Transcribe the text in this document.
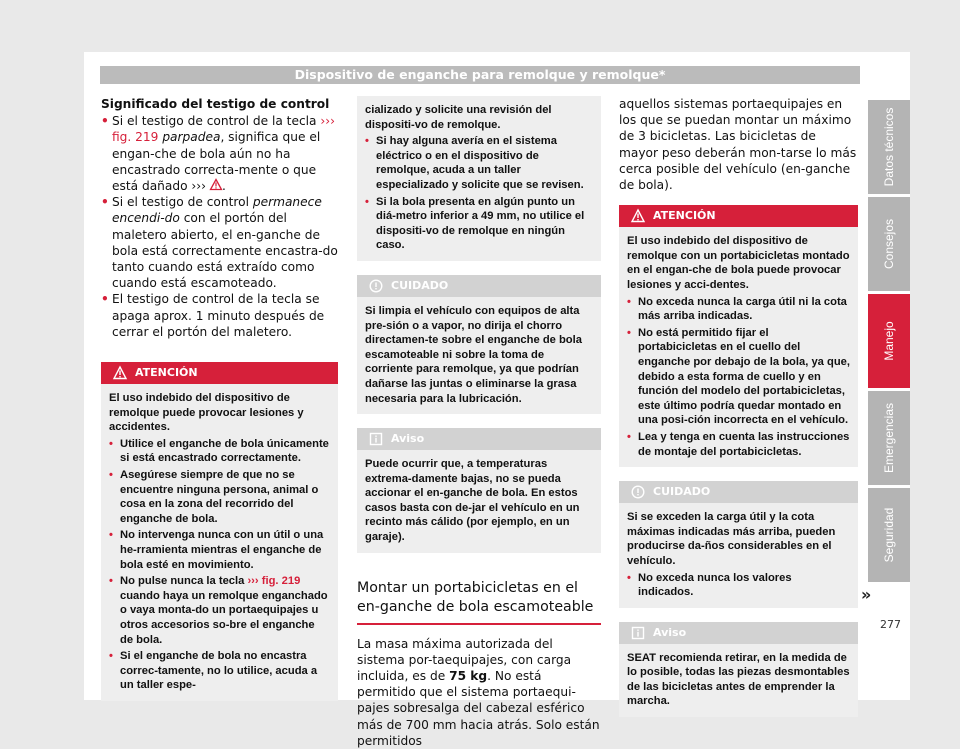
Dispositivo de enganche para remolque y remolque*
Significado del testigo de control
• Si el testigo de control de la tecla ››› fig. 219 parpadea, significa que el engan-che de bola aún no ha encastrado correcta-mente o que está dañado ››› .
• Si el testigo de control permanece encendi-do con el portón del maletero abierto, el en-ganche de bola está correctamente encastra-do tanto cuando está extraído como cuando está escamoteado.
• El testigo de control de la tecla se apaga aprox. 1 minuto después de cerrar el portón del maletero.
ATENCIÓN
El uso indebido del dispositivo de remolque puede provocar lesiones y accidentes.
• Utilice el enganche de bola únicamente si está encastrado correctamente.
• Asegúrese siempre de que no se encuentre ninguna persona, animal o cosa en la zona del recorrido del enganche de bola.
• No intervenga nunca con un útil o una he-rramienta mientras el enganche de bola esté en movimiento.
• No pulse nunca la tecla ››› fig. 219 cuando haya un remolque enganchado o vaya monta-do un portaequipajes u otros accesorios so-bre el enganche de bola.
• Si el enganche de bola no encastra correc-tamente, no lo utilice, acuda a un taller espe-
cializado y solicite una revisión del dispositi-vo de remolque.
• Si hay alguna avería en el sistema eléctrico o en el dispositivo de remolque, acuda a un taller especializado y solicite que se revisen.
• Si la bola presenta en algún punto un diá-metro inferior a 49 mm, no utilice el dispositi-vo de remolque en ningún caso.
CUIDADO
Si limpia el vehículo con equipos de alta pre-sión o a vapor, no dirija el chorro directamen-te sobre el enganche de bola escamoteable ni sobre la toma de corriente para remolque, ya que podrían dañarse las juntas o eliminarse la grasa necesaria para la lubricación.
Aviso
Puede ocurrir que, a temperaturas extrema-damente bajas, no se pueda accionar el en-ganche de bola. En estos casos basta con de-jar el vehículo en un recinto más cálido (por ejemplo, en un garaje).
Montar un portabicicletas en el en-ganche de bola escamoteable
La masa máxima autorizada del sistema por-taequipajes, con carga incluida, es de 75 kg. No está permitido que el sistema portaequi-pajes sobresalga del cabezal esférico más de 700 mm hacia atrás. Solo están permitidos
aquellos sistemas portaequipajes en los que se puedan montar un máximo de 3 bicicletas. Las bicicletas de mayor peso deberán mon-tarse lo más cerca posible del vehículo (en-ganche de bola).
ATENCIÓN
El uso indebido del dispositivo de remolque con un portabicicletas montado en el engan-che de bola puede provocar lesiones y acci-dentes.
• No exceda nunca la carga útil ni la cota más arriba indicadas.
• No está permitido fijar el portabicicletas en el cuello del enganche por debajo de la bola, ya que, debido a esta forma de cuello y en función del modelo del portabicicletas, este último podría quedar montado en una posi-ción incorrecta en el vehículo.
• Lea y tenga en cuenta las instrucciones de montaje del portabicicletas.
CUIDADO
Si se exceden la carga útil y la cota máximas indicadas más arriba, pueden producirse da-ños considerables en el vehículo.
• No exceda nunca los valores indicados.
Aviso
SEAT recomienda retirar, en la medida de lo posible, todas las piezas desmontables de las bicicletas antes de emprender la marcha.
»
Datos técnicos
Consejos
Manejo
Emergencias
Seguridad
277
